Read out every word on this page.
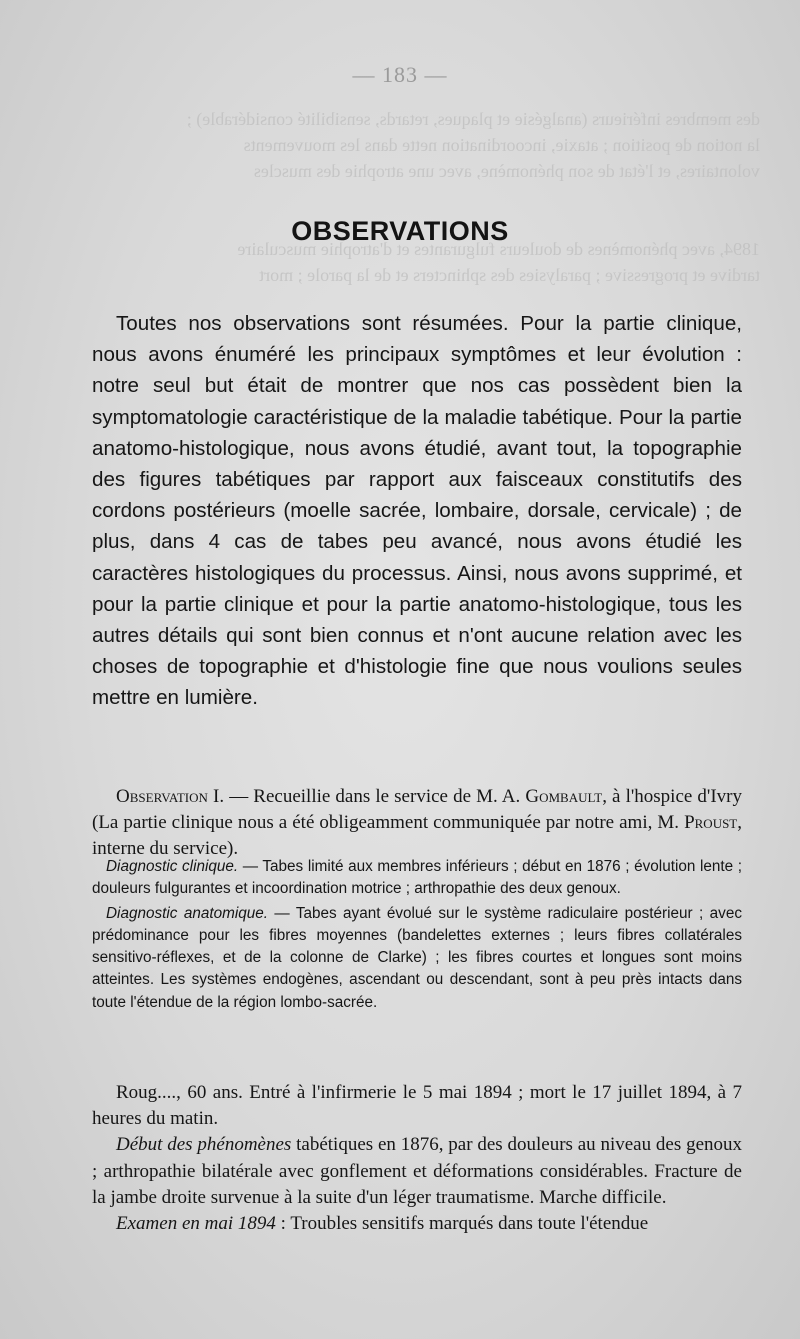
— 183 —
des membres inférieurs (analgésie et plaques, retards, sensibilité considérable) ;
la notion de position ; ataxie, incoordination nette dans les mouvements
volontaires, et l'état de son phénomène, avec une atrophie des muscles
1894, avec phénomènes de douleurs fulgurantes et d'atrophie musculaire
tardive et progressive ; paralysies des sphincters et de la parole ; mort
OBSERVATIONS

Toutes nos observations sont résumées. Pour la partie clinique, nous avons énuméré les principaux symptômes et leur évolution : notre seul but était de montrer que nos cas possèdent bien la symptomatologie caractéristique de la maladie tabétique. Pour la partie anatomo-histologique, nous avons étudié, avant tout, la topographie des figures tabétiques par rapport aux faisceaux constitutifs des cordons postérieurs (moelle sacrée, lombaire, dorsale, cervicale) ; de plus, dans 4 cas de tabes peu avancé, nous avons étudié les caractères histologiques du processus. Ainsi, nous avons supprimé, et pour la partie clinique et pour la partie anatomo-histologique, tous les autres détails qui sont bien connus et n'ont aucune relation avec les choses de topographie et d'histologie fine que nous voulions seules mettre en lumière.

Observation I. — Recueillie dans le service de M. A. Gombault, à l'hospice d'Ivry (La partie clinique nous a été obligeamment communiquée par notre ami, M. Proust, interne du service).

Diagnostic clinique. — Tabes limité aux membres inférieurs ; début en 1876 ; évolution lente ; douleurs fulgurantes et incoordination motrice ; arthropathie des deux genoux.

Diagnostic anatomique. — Tabes ayant évolué sur le système radiculaire postérieur ; avec prédominance pour les fibres moyennes (bandelettes externes ; leurs fibres collatérales sensitivo-réflexes, et de la colonne de Clarke) ; les fibres courtes et longues sont moins atteintes. Les systèmes endogènes, ascendant ou descendant, sont à peu près intacts dans toute l'étendue de la région lombo-sacrée.

Roug...., 60 ans. Entré à l'infirmerie le 5 mai 1894 ; mort le 17 juillet 1894, à 7 heures du matin.

Début des phénomènes tabétiques en 1876, par des douleurs au niveau des genoux ; arthropathie bilatérale avec gonflement et déformations considérables. Fracture de la jambe droite survenue à la suite d'un léger traumatisme. Marche difficile.

Examen en mai 1894 : Troubles sensitifs marqués dans toute l'étendue
